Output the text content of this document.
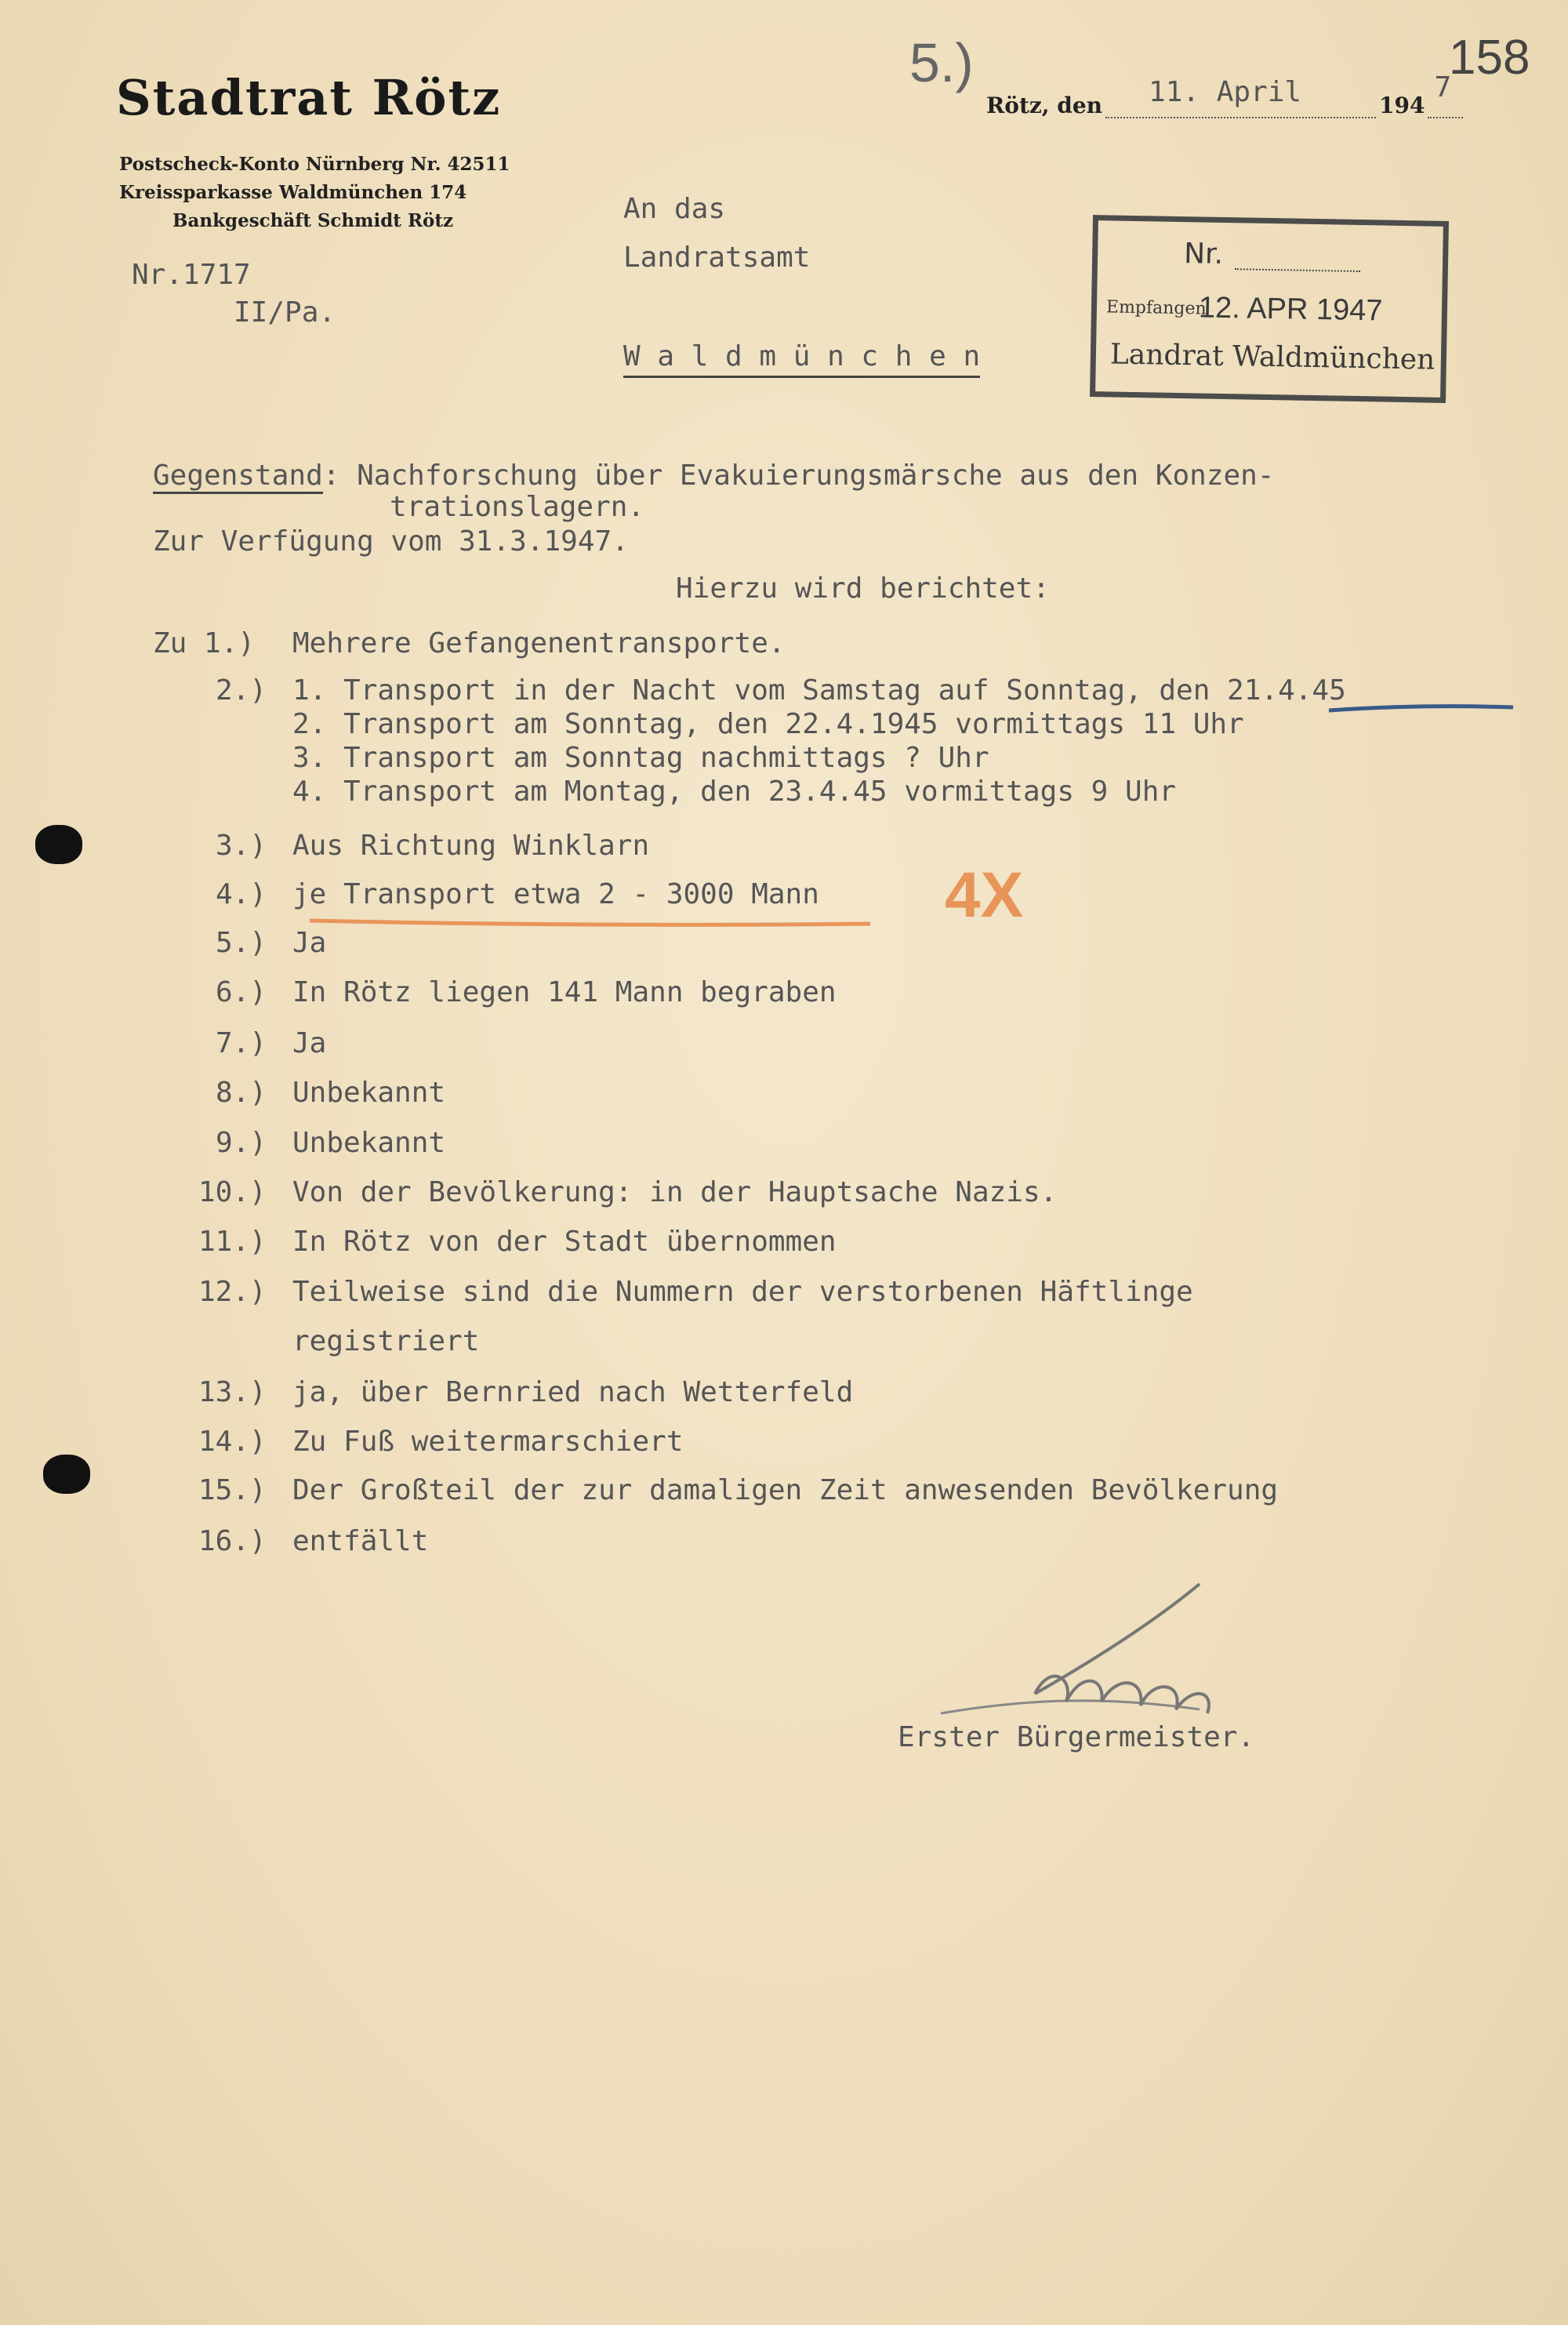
158
5.)
Stadtrat Rötz
Postscheck-Konto Nürnberg Nr. 42511
Kreissparkasse Waldmünchen 174
Bankgeschäft Schmidt Rötz
Nr.1717
II/Pa.
Rötz, den 11. April	194
7
An das
Landratsamt
W a l d m ü n c h e n
Nr.
Empfangen
12. APR 1947
Landrat Waldmünchen
Gegenstand: Nachforschung über Evakuierungsmärsche aus den Konzen-
trationslagern.
Zur Verfügung vom 31.3.1947.
Hierzu wird berichtet:
Zu 1.) Mehrere Gefangenentransporte.
2.) 1. Transport in der Nacht vom Samstag auf Sonntag, den 21.4.45
2. Transport am Sonntag, den 22.4.1945 vormittags 11 Uhr
3. Transport am Sonntag nachmittags ? Uhr
4. Transport am Montag, den 23.4.45 vormittags 9 Uhr
3.) Aus Richtung Winklarn
4.) je Transport etwa 2 - 3000 Mann 4X
5.) Ja
6.) In Rötz liegen 141 Mann begraben
7.) Ja
8.) Unbekannt
9.) Unbekannt
10.) Von der Bevölkerung: in der Hauptsache Nazis.
11.) In Rötz von der Stadt übernommen
12.) Teilweise sind die Nummern der verstorbenen Häftlinge
registriert
13.) ja, über Bernried nach Wetterfeld
14.) Zu Fuß weitermarschiert
15.) Der Großteil der zur damaligen Zeit anwesenden Bevölkerung
16.) entfällt
Erster Bürgermeister.
